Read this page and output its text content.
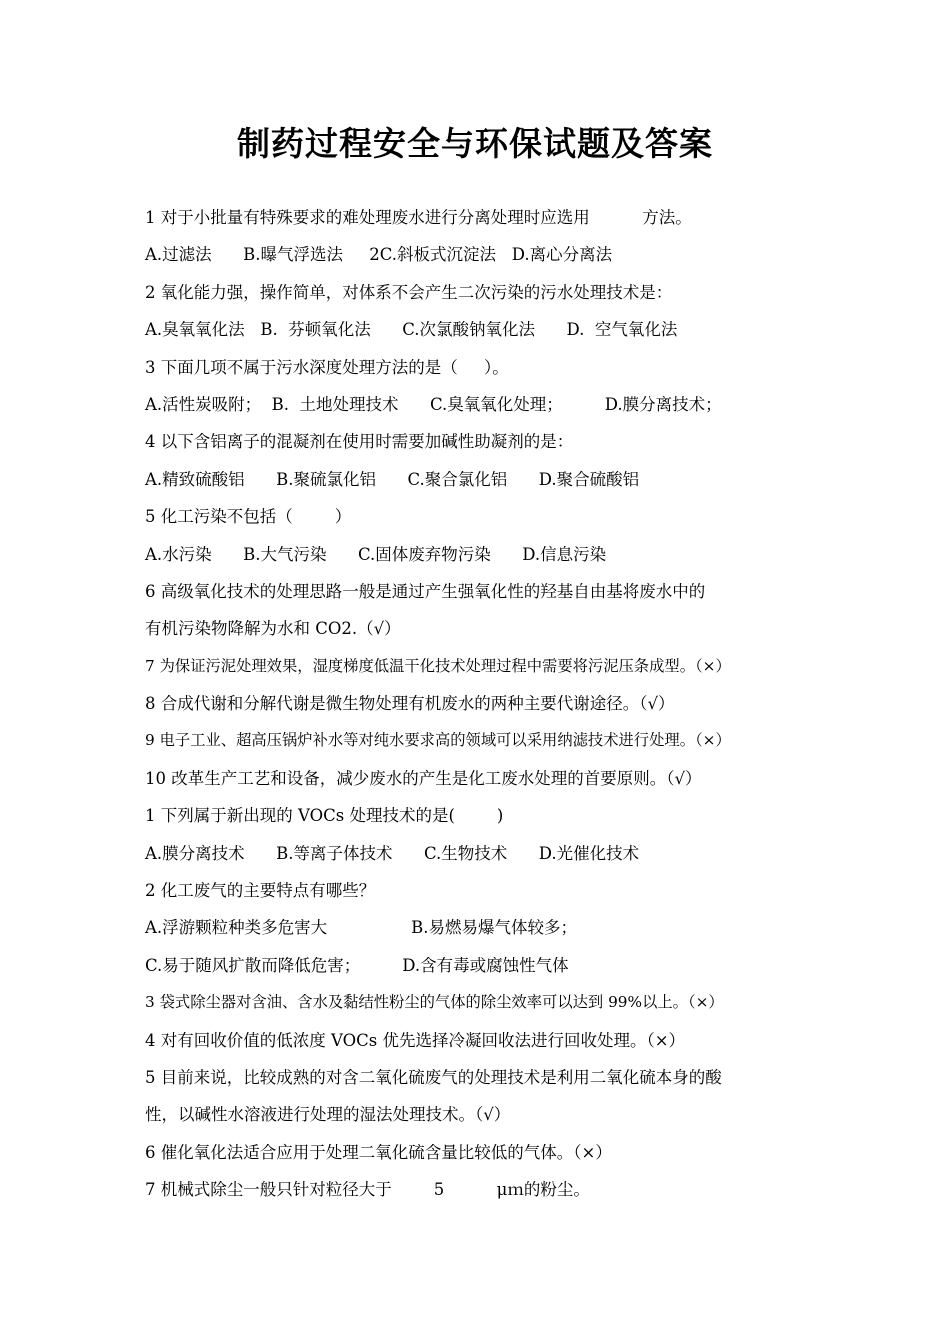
制药过程安全与环保试题及答案
1 对于小批量有特殊要求的难处理废水进行分离处理时应选用          方法。
A.过滤法      B.曝气浮选法     2C.斜板式沉淀法   D.离心分离法
2 氧化能力强，操作简单，对体系不会产生二次污染的污水处理技术是：
A.臭氧氧化法   B.  芬顿氧化法      C.次氯酸钠氧化法      D.  空气氧化法
3 下面几项不属于污水深度处理方法的是（     ）。
A.活性炭吸附；  B.  土地处理技术      C.臭氧氧化处理；        D.膜分离技术；
4 以下含铝离子的混凝剂在使用时需要加碱性助凝剂的是：
A.精致硫酸铝      B.聚硫氯化铝      C.聚合氯化铝      D.聚合硫酸铝
5 化工污染不包括（        ）
A.水污染      B.大气污染      C.固体废弃物污染      D.信息污染
6 高级氧化技术的处理思路一般是通过产生强氧化性的羟基自由基将废水中的
有机污染物降解为水和 CO2.（√）
7 为保证污泥处理效果，湿度梯度低温干化技术处理过程中需要将污泥压条成型。（×）
8 合成代谢和分解代谢是微生物处理有机废水的两种主要代谢途径。（√）
9 电子工业、超高压锅炉补水等对纯水要求高的领域可以采用纳滤技术进行处理。（×）
10 改革生产工艺和设备，减少废水的产生是化工废水处理的首要原则。（√）
1 下列属于新出现的 VOCs 处理技术的是(        )
A.膜分离技术      B.等离子体技术      C.生物技术      D.光催化技术
2 化工废气的主要特点有哪些？
A.浮游颗粒种类多危害大                B.易燃易爆气体较多；
C.易于随风扩散而降低危害；        D.含有毒或腐蚀性气体
3 袋式除尘器对含油、含水及黏结性粉尘的气体的除尘效率可以达到 99%以上。（×）
4 对有回收价值的低浓度 VOCs 优先选择冷凝回收法进行回收处理。（×）
5 目前来说，比较成熟的对含二氧化硫废气的处理技术是利用二氧化硫本身的酸
性，以碱性水溶液进行处理的湿法处理技术。（√）
6 催化氧化法适合应用于处理二氧化硫含量比较低的气体。（×）
7 机械式除尘一般只针对粒径大于        5          μｍ的粉尘。
